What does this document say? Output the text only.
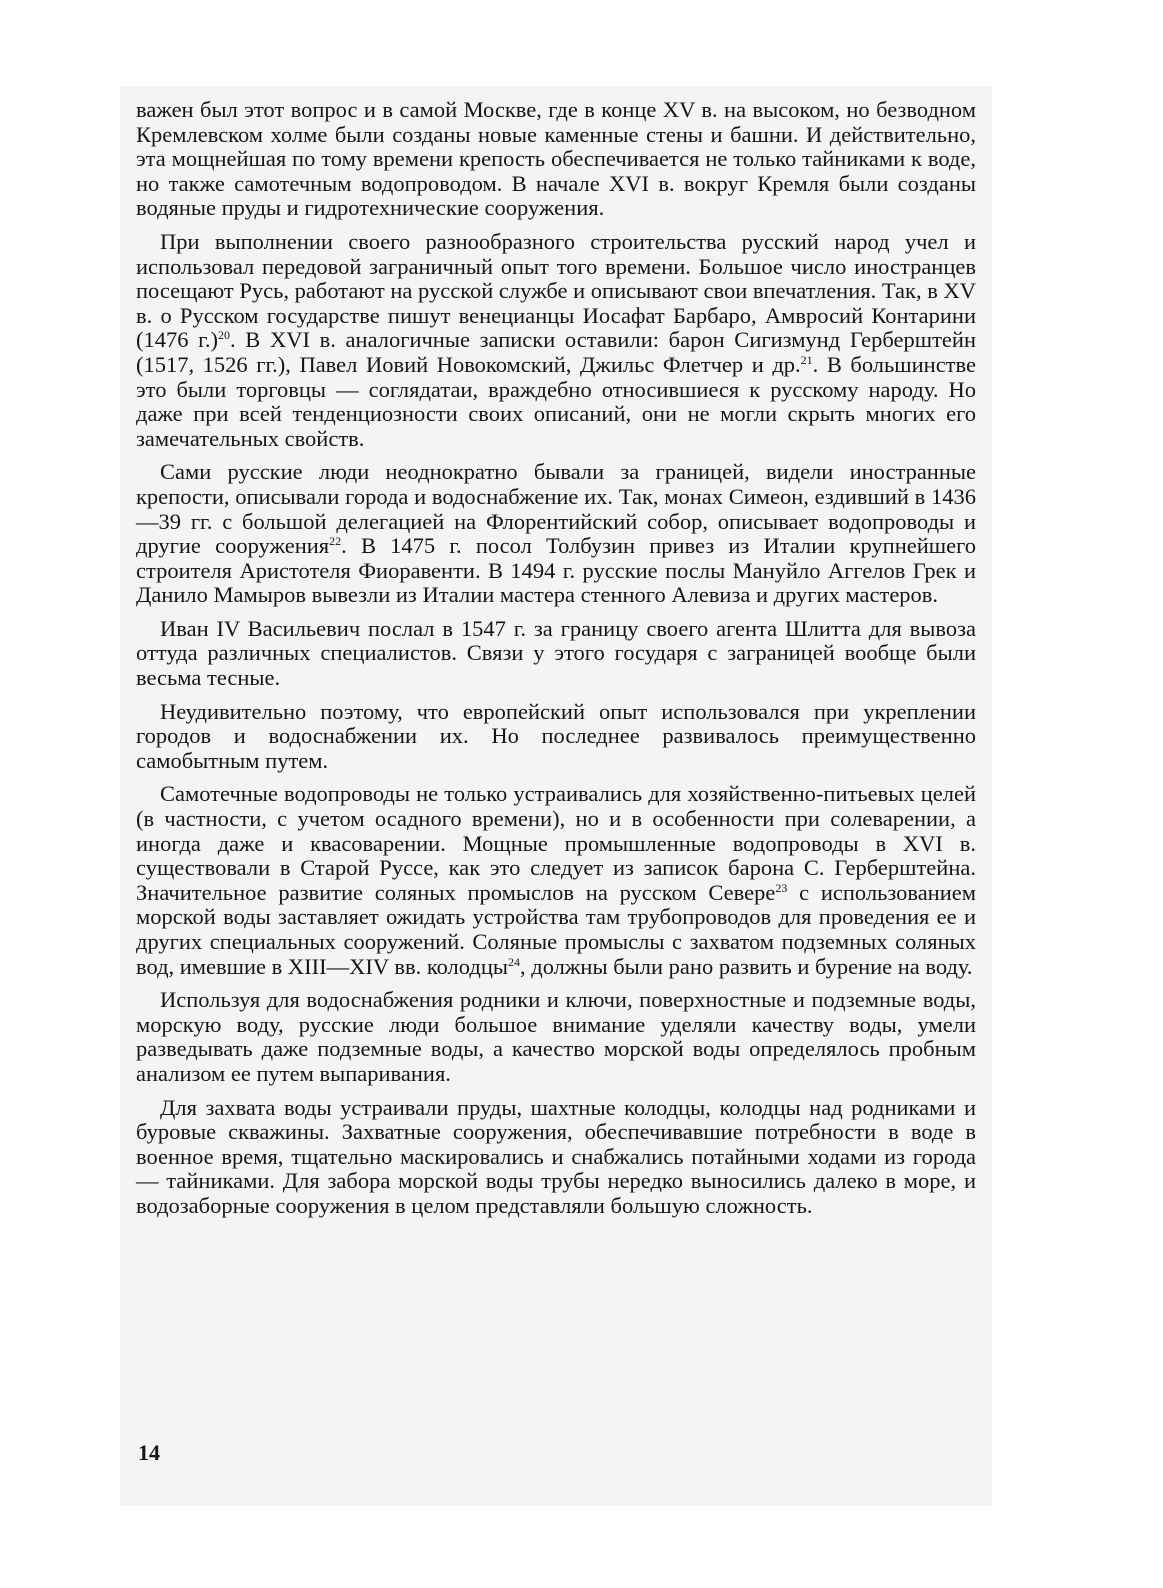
важен был этот вопрос и в самой Москве, где в конце XV в. на высоком, но безводном Кремлевском холме были созданы новые каменные стены и башни. И действительно, эта мощнейшая по тому времени крепость обеспечивается не только тайниками к воде, но также самотечным водопроводом. В начале XVI в. вокруг Кремля были созданы водяные пруды и гидротехнические сооружения.

При выполнении своего разнообразного строительства русский народ учел и использовал передовой заграничный опыт того времени. Большое число иностранцев посещают Русь, работают на русской службе и описывают свои впечатления. Так, в XV в. о Русском государстве пишут венецианцы Иосафат Барбаро, Амвросий Контарини (1476 г.)$^{20}$. В XVI в. аналогичные записки оставили: барон Сигизмунд Герберштейн (1517, 1526 гг.), Павел Иовий Новокомский, Джильс Флетчер и др.$^{21}$. В большинстве это были торговцы — соглядатаи, враждебно относившиеся к русскому народу. Но даже при всей тенденциозности своих описаний, они не могли скрыть многих его замечательных свойств.

Сами русские люди неоднократно бывали за границей, видели иностранные крепости, описывали города и водоснабжение их. Так, монах Симеон, ездивший в 1436—39 гг. с большой делегацией на Флорентийский собор, описывает водопроводы и другие сооружения$^{22}$. В 1475 г. посол Толбузин привез из Италии крупнейшего строителя Аристотеля Фиоравенти. В 1494 г. русские послы Мануйло Аггелов Грек и Данило Мамыров вывезли из Италии мастера стенного Алевиза и других мастеров.

Иван IV Васильевич послал в 1547 г. за границу своего агента Шлитта для вывоза оттуда различных специалистов. Связи у этого государя с заграницей вообще были весьма тесные.

Неудивительно поэтому, что европейский опыт использовался при укреплении городов и водоснабжении их. Но последнее развивалось преимущественно самобытным путем.

Самотечные водопроводы не только устраивались для хозяйственно-питьевых целей (в частности, с учетом осадного времени), но и в особенности при солеварении, а иногда даже и квасоварении. Мощные промышленные водопроводы в XVI в. существовали в Старой Руссе, как это следует из записок барона С. Герберштейна. Значительное развитие соляных промыслов на русском Севере$^{23}$ с использованием морской воды заставляет ожидать устройства там трубопроводов для проведения ее и других специальных сооружений. Соляные промыслы с захватом подземных соляных вод, имевшие в XIII—XIV вв. колодцы$^{24}$, должны были рано развить и бурение на воду.

Используя для водоснабжения родники и ключи, поверхностные и подземные воды, морскую воду, русские люди большое внимание уделяли качеству воды, умели разведывать даже подземные воды, а качество морской воды определялось пробным анализом ее путем выпаривания.

Для захвата воды устраивали пруды, шахтные колодцы, колодцы над родниками и буровые скважины. Захватные сооружения, обеспечивавшие потребности в воде в военное время, тщательно маскировались и снабжались потайными ходами из города — тайниками. Для забора морской воды трубы нередко выносились далеко в море, и водозаборные сооружения в целом представляли большую сложность.

14
